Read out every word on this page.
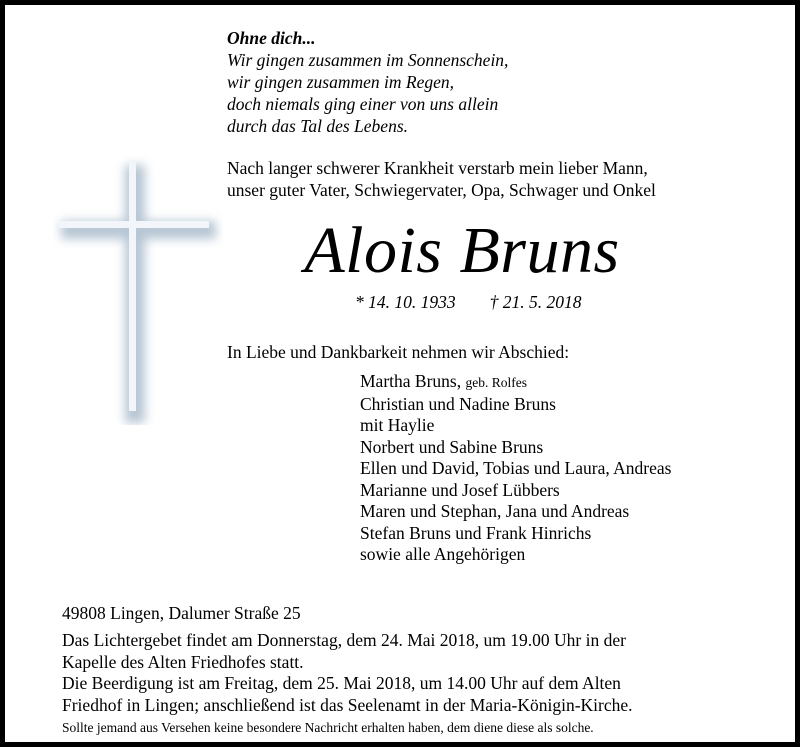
Ohne dich...
Wir gingen zusammen im Sonnenschein,
wir gingen zusammen im Regen,
doch niemals ging einer von uns allein
durch das Tal des Lebens.
Nach langer schwerer Krankheit verstarb mein lieber Mann,
unser guter Vater, Schwiegervater, Opa, Schwager und Onkel
Alois Bruns
* 14. 10. 1933 † 21. 5. 2018
In Liebe und Dankbarkeit nehmen wir Abschied:
Martha Bruns, geb. Rolfes
Christian und Nadine Bruns
mit Haylie
Norbert und Sabine Bruns
Ellen und David, Tobias und Laura, Andreas
Marianne und Josef Lübbers
Maren und Stephan, Jana und Andreas
Stefan Bruns und Frank Hinrichs
sowie alle Angehörigen
49808 Lingen, Dalumer Straße 25
Das Lichtergebet findet am Donnerstag, dem 24. Mai 2018, um 19.00 Uhr in der
Kapelle des Alten Friedhofes statt.
Die Beerdigung ist am Freitag, dem 25. Mai 2018, um 14.00 Uhr auf dem Alten
Friedhof in Lingen; anschließend ist das Seelenamt in der Maria-Königin-Kirche.
Sollte jemand aus Versehen keine besondere Nachricht erhalten haben, dem diene diese als solche.
